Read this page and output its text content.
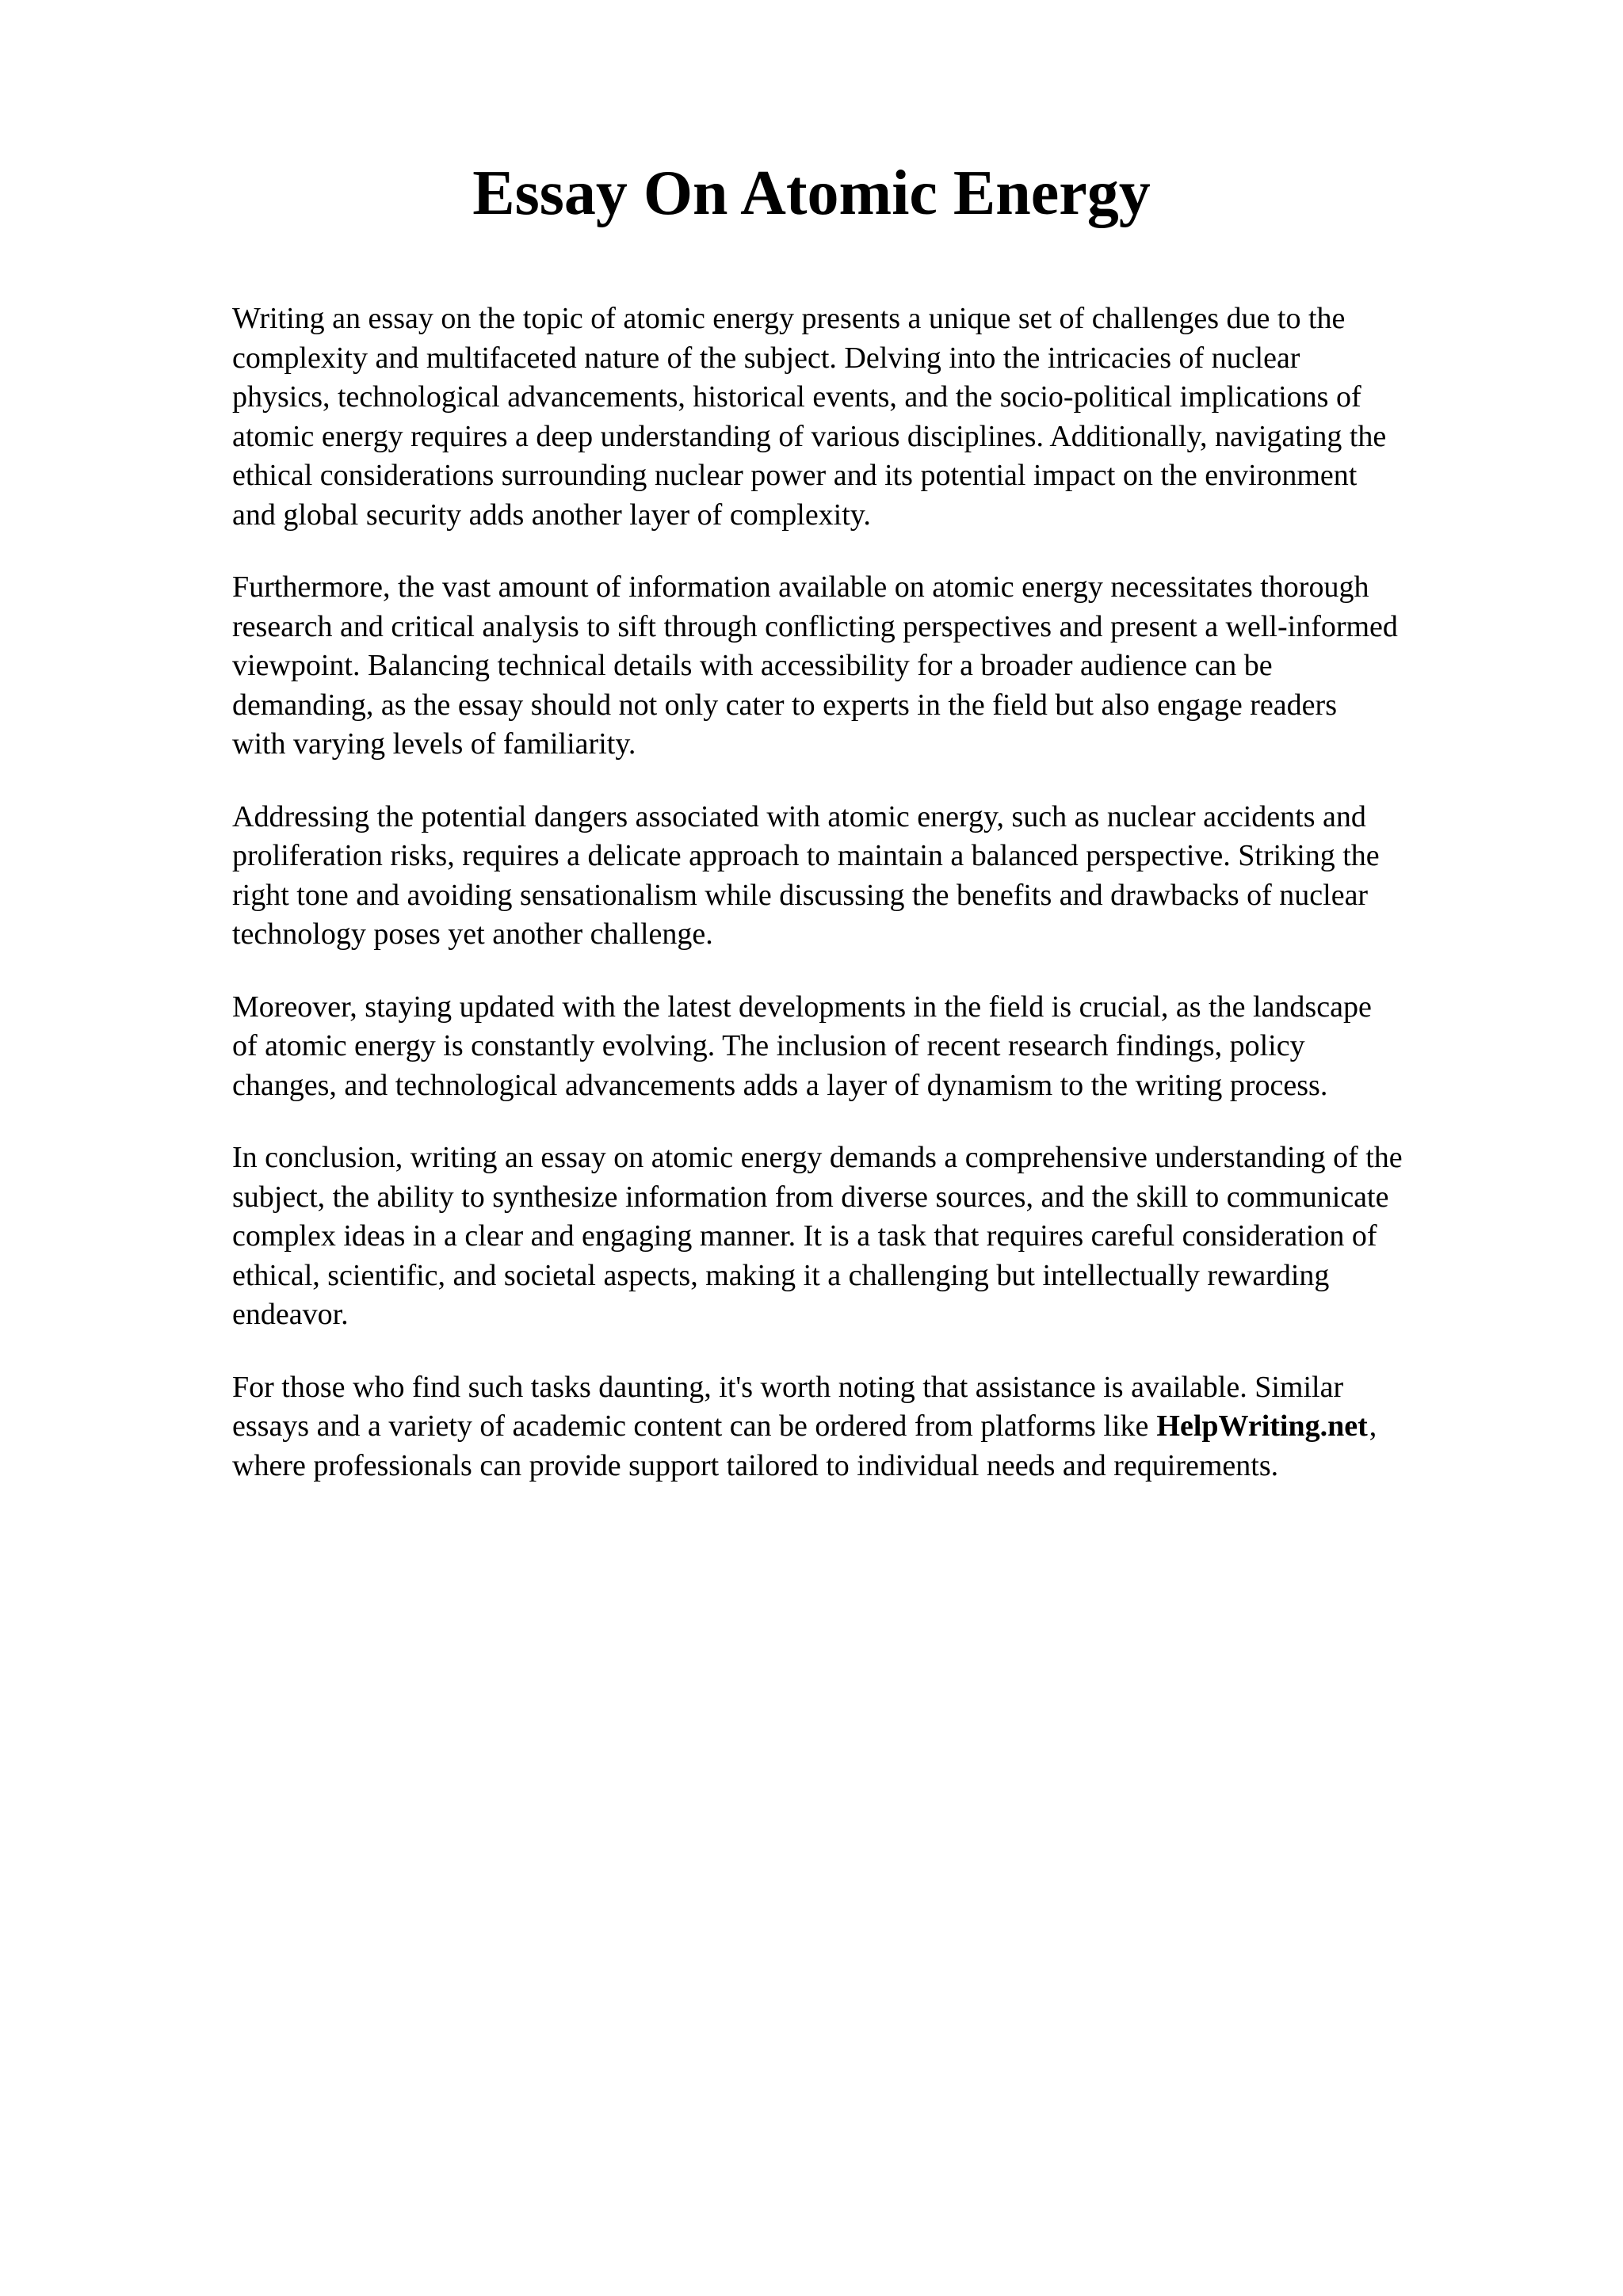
Essay On Atomic Energy

Writing an essay on the topic of atomic energy presents a unique set of challenges due to the
complexity and multifaceted nature of the subject. Delving into the intricacies of nuclear
physics, technological advancements, historical events, and the socio-political implications of
atomic energy requires a deep understanding of various disciplines. Additionally, navigating the
ethical considerations surrounding nuclear power and its potential impact on the environment
and global security adds another layer of complexity.

Furthermore, the vast amount of information available on atomic energy necessitates thorough
research and critical analysis to sift through conflicting perspectives and present a well-informed
viewpoint. Balancing technical details with accessibility for a broader audience can be
demanding, as the essay should not only cater to experts in the field but also engage readers
with varying levels of familiarity.

Addressing the potential dangers associated with atomic energy, such as nuclear accidents and
proliferation risks, requires a delicate approach to maintain a balanced perspective. Striking the
right tone and avoiding sensationalism while discussing the benefits and drawbacks of nuclear
technology poses yet another challenge.

Moreover, staying updated with the latest developments in the field is crucial, as the landscape
of atomic energy is constantly evolving. The inclusion of recent research findings, policy
changes, and technological advancements adds a layer of dynamism to the writing process.

In conclusion, writing an essay on atomic energy demands a comprehensive understanding of the
subject, the ability to synthesize information from diverse sources, and the skill to communicate
complex ideas in a clear and engaging manner. It is a task that requires careful consideration of
ethical, scientific, and societal aspects, making it a challenging but intellectually rewarding
endeavor.

For those who find such tasks daunting, it's worth noting that assistance is available. Similar
essays and a variety of academic content can be ordered from platforms like HelpWriting.net,
where professionals can provide support tailored to individual needs and requirements.
